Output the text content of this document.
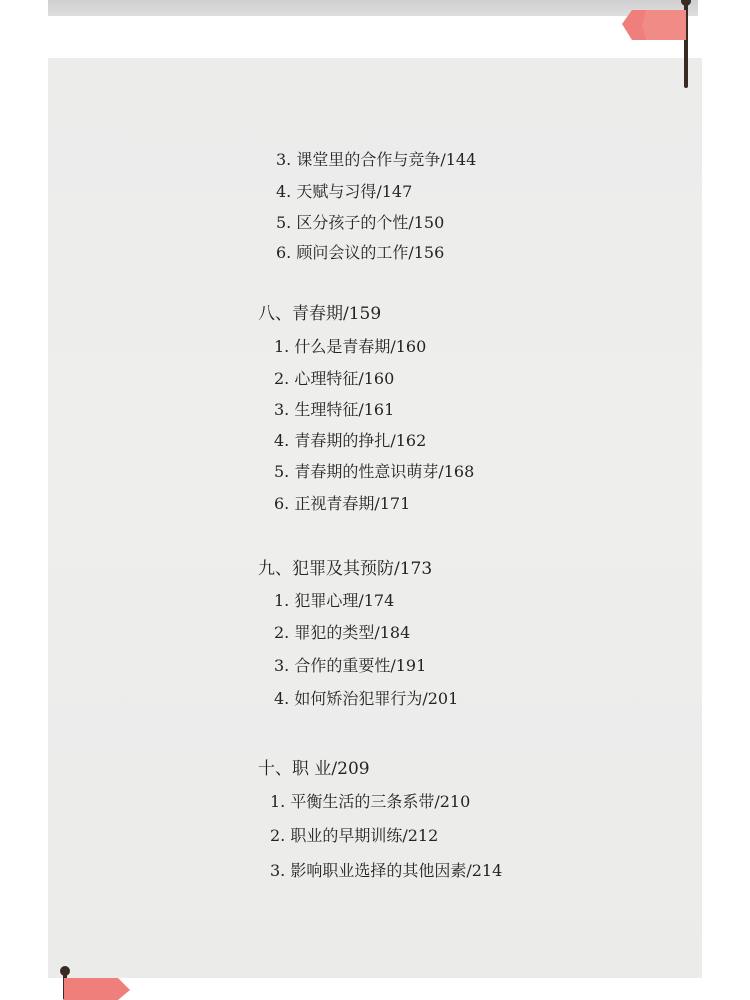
3. 课堂里的合作与竞争/144
4. 天赋与习得/147
5. 区分孩子的个性/150
6. 顾问会议的工作/156
八、青春期/159
1. 什么是青春期/160
2. 心理特征/160
3. 生理特征/161
4. 青春期的挣扎/162
5. 青春期的性意识萌芽/168
6. 正视青春期/171
九、犯罪及其预防/173
1. 犯罪心理/174
2. 罪犯的类型/184
3. 合作的重要性/191
4. 如何矫治犯罪行为/201
十、职 业/209
1. 平衡生活的三条系带/210
2. 职业的早期训练/212
3. 影响职业选择的其他因素/214
